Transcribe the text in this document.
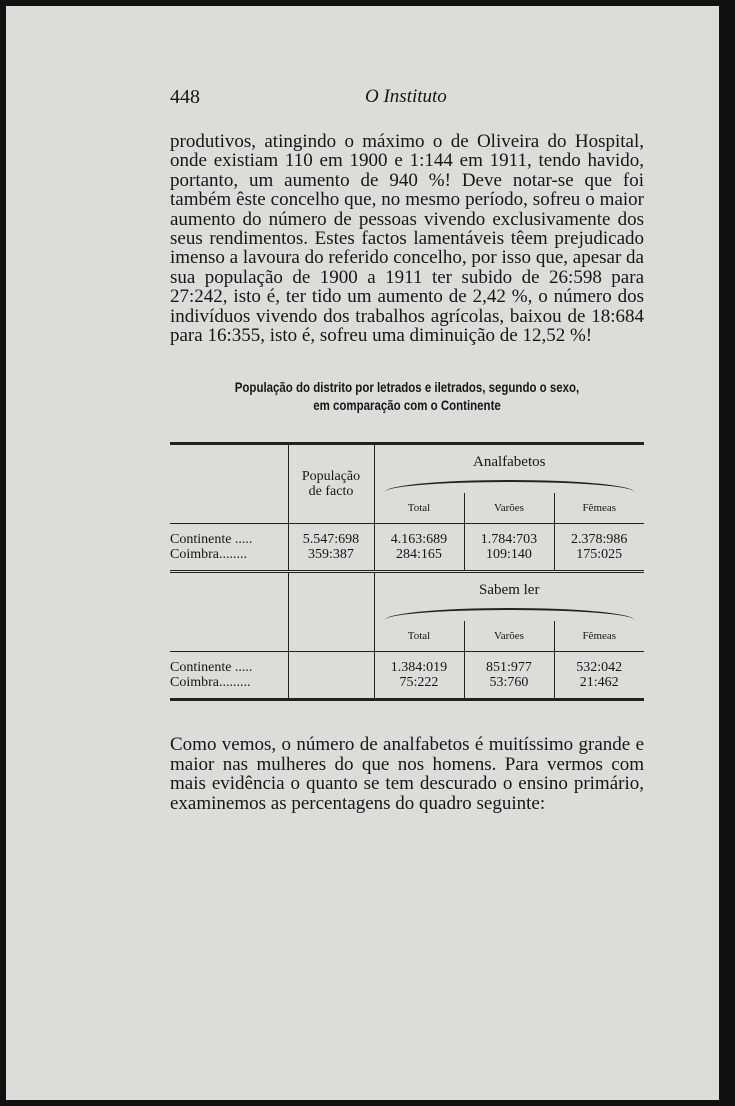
448	O Instituto

produtivos, atingindo o máximo o de Oliveira do Hospital, onde existiam 110 em 1900 e 1:144 em 1911, tendo havido, portanto, um aumento de 940 %! Deve notar-se que foi também êste concelho que, no mesmo período, sofreu o maior aumento do número de pessoas vivendo exclusivamente dos seus rendimentos. Estes factos lamentáveis têem prejudicado imenso a lavoura do referido concelho, por isso que, apesar da sua população de 1900 a 1911 ter subido de 26:598 para 27:242, isto é, ter tido um aumento de 2,42 %, o número dos indivíduos vivendo dos trabalhos agrícolas, baixou de 18:684 para 16:355, isto é, sofreu uma diminuição de 12,52 %!

População do distrito por letrados e iletrados, segundo o sexo,
em comparação com o Continente

	População
de facto	Analfabetos		

		Total	Varões	Fêmeas

Continente .....	5.547:698	4.163:689	1.784:703	2.378:986
Coimbra........	359:387	284:165	109:140	175:025

		Sabem ler		

		Total	Varões	Fêmeas

Continente .....		1.384:019	851:977	532:042
Coimbra.........		75:222	53:760	21:462

Como vemos, o número de analfabetos é muitíssimo grande e maior nas mulheres do que nos homens. Para vermos com mais evidência o quanto se tem descurado o ensino primário, examinemos as percentagens do quadro seguinte:
